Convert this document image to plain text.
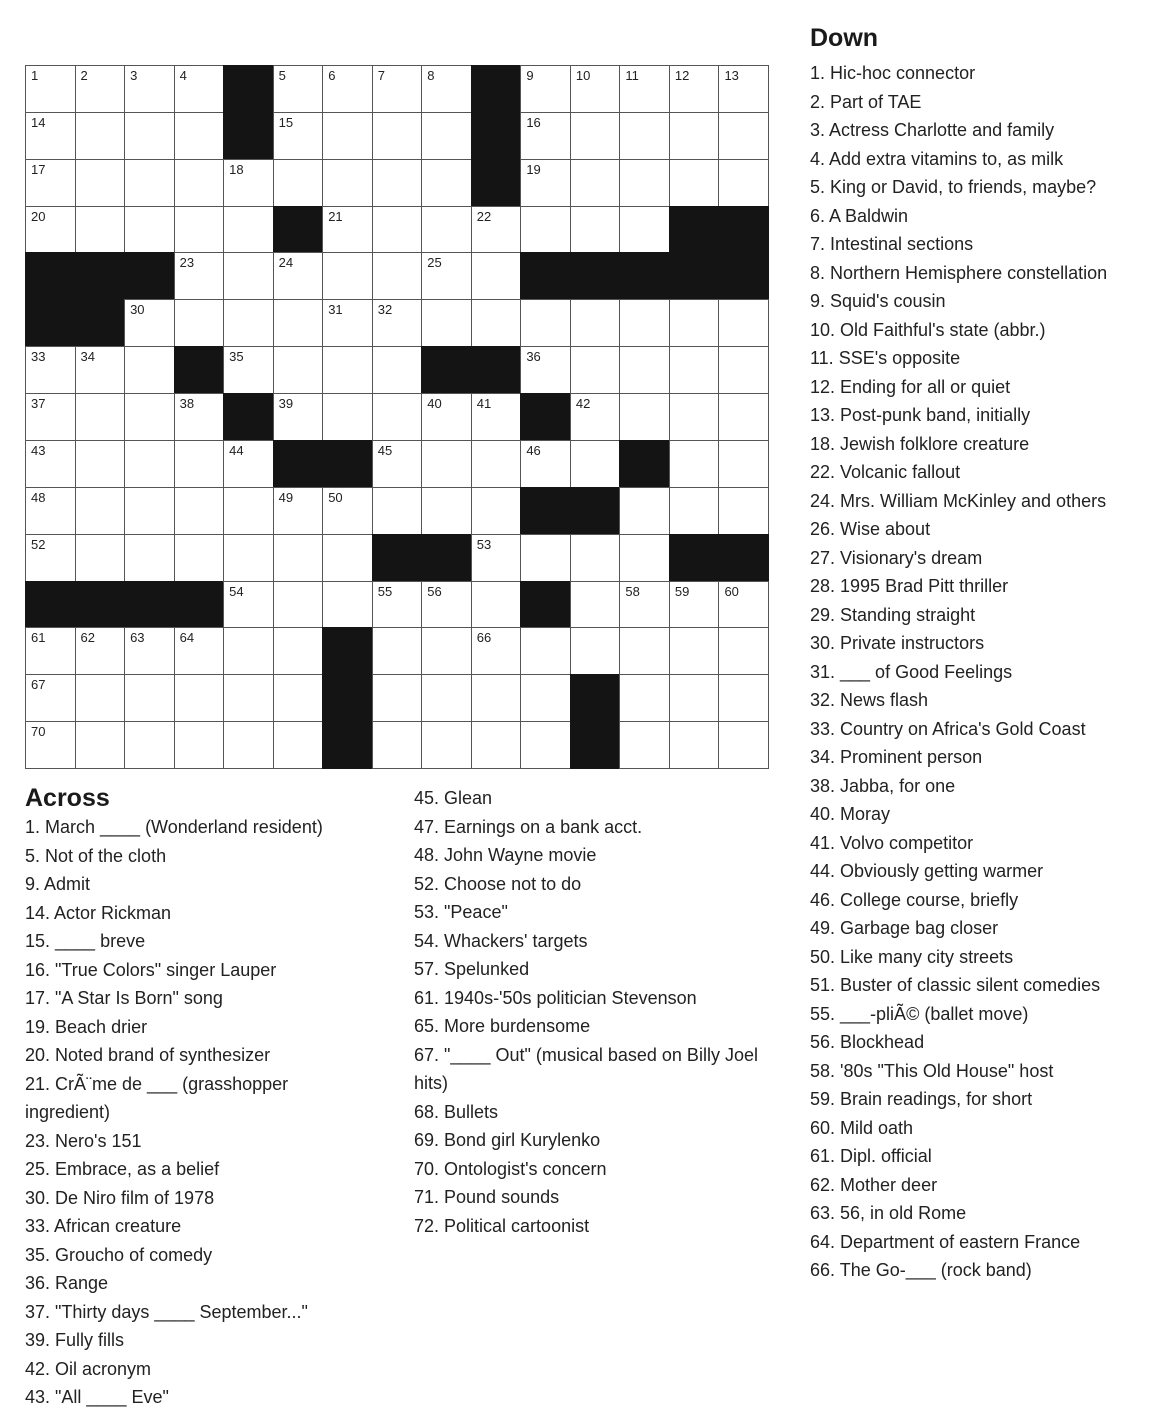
1	2	3	4	5	6	7	8	9	10	11	12	13
14	15	16
17	18	19
20	21	22
23	24	25
30	31	32
33	34	35	36
37	38	39	40	41	42
43	44	45	46
48	49	50
52	53
54	55	56	58	59	60
61	62	63	64	66
67
70
Across
1. March ____ (Wonderland resident)
5. Not of the cloth
9. Admit
14. Actor Rickman
15. ____ breve
16. "True Colors" singer Lauper
17. "A Star Is Born" song
19. Beach drier
20. Noted brand of synthesizer
21. CrÃ¨me de ___ (grasshopper ingredient)
23. Nero's 151
25. Embrace, as a belief
30. De Niro film of 1978
33. African creature
35. Groucho of comedy
36. Range
37. "Thirty days ____ September..."
39. Fully fills
42. Oil acronym
43. "All ____ Eve"
45. Glean
47. Earnings on a bank acct.
48. John Wayne movie
52. Choose not to do
53. "Peace"
54. Whackers' targets
57. Spelunked
61. 1940s-'50s politician Stevenson
65. More burdensome
67. "____ Out" (musical based on Billy Joel hits)
68. Bullets
69. Bond girl Kurylenko
70. Ontologist's concern
71. Pound sounds
72. Political cartoonist
Down
1. Hic-hoc connector
2. Part of TAE
3. Actress Charlotte and family
4. Add extra vitamins to, as milk
5. King or David, to friends, maybe?
6. A Baldwin
7. Intestinal sections
8. Northern Hemisphere constellation
9. Squid's cousin
10. Old Faithful's state (abbr.)
11. SSE's opposite
12. Ending for all or quiet
13. Post-punk band, initially
18. Jewish folklore creature
22. Volcanic fallout
24. Mrs. William McKinley and others
26. Wise about
27. Visionary's dream
28. 1995 Brad Pitt thriller
29. Standing straight
30. Private instructors
31. ___ of Good Feelings
32. News flash
33. Country on Africa's Gold Coast
34. Prominent person
38. Jabba, for one
40. Moray
41. Volvo competitor
44. Obviously getting warmer
46. College course, briefly
49. Garbage bag closer
50. Like many city streets
51. Buster of classic silent comedies
55. ___-pliÃ© (ballet move)
56. Blockhead
58. '80s "This Old House" host
59. Brain readings, for short
60. Mild oath
61. Dipl. official
62. Mother deer
63. 56, in old Rome
64. Department of eastern France
66. The Go-___ (rock band)
